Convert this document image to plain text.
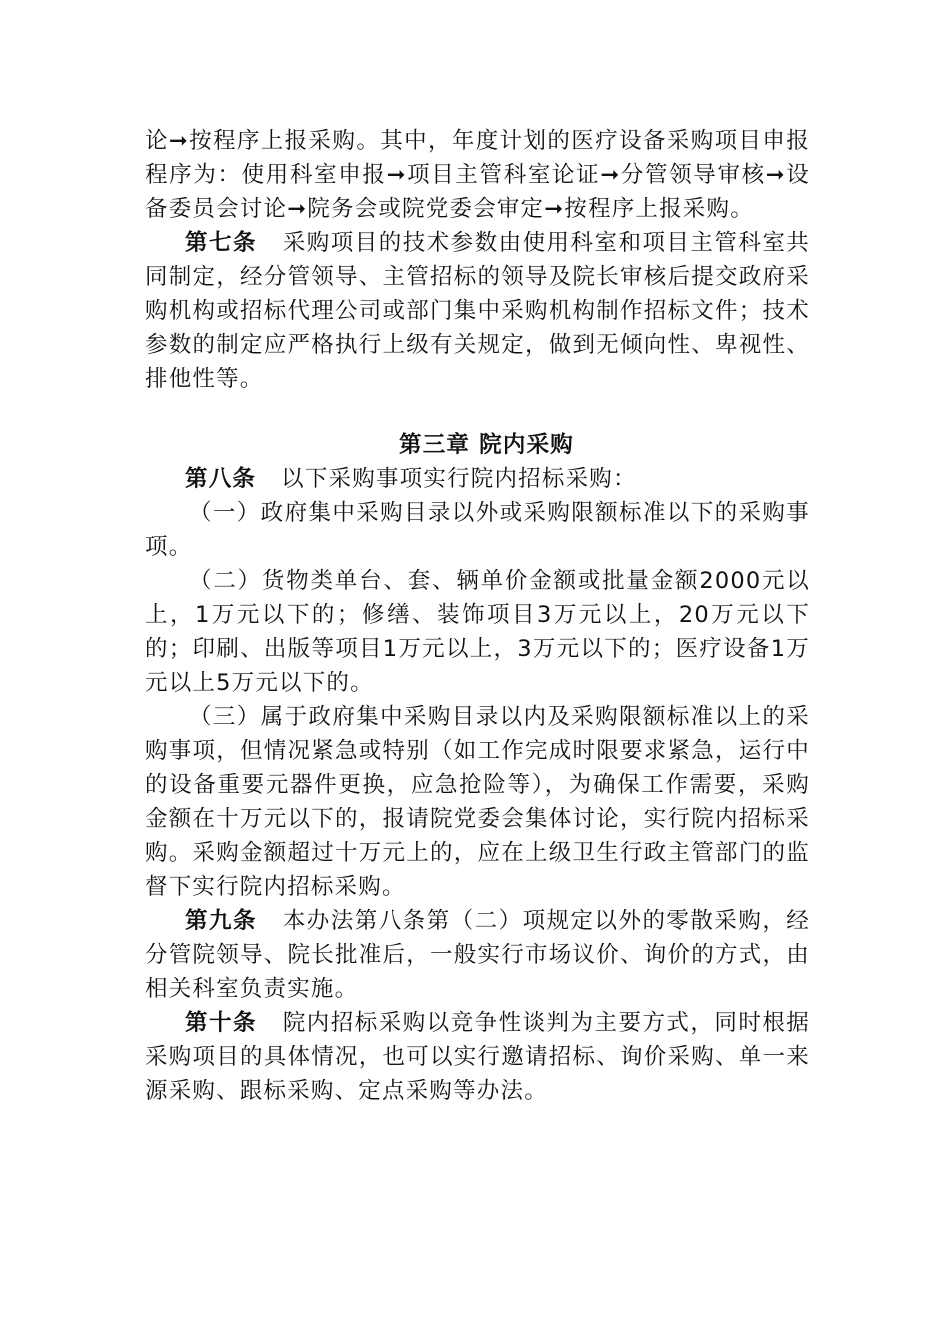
论➞按程序上报采购。其中，年度计划的医疗设备采购项目申报程序为：使用科室申报➞项目主管科室论证➞分管领导审核➞设备委员会讨论➞院务会或院党委会审定➞按程序上报采购。

第七条 采购项目的技术参数由使用科室和项目主管科室共同制定，经分管领导、主管招标的领导及院长审核后提交政府采购机构或招标代理公司或部门集中采购机构制作招标文件；技术参数的制定应严格执行上级有关规定，做到无倾向性、卑视性、排他性等。

第三章 院内采购

第八条 以下采购事项实行院内招标采购：

（一）政府集中采购目录以外或采购限额标准以下的采购事项。

（二）货物类单台、套、辆单价金额或批量金额2000元以上，1万元以下的；修缮、装饰项目3万元以上，20万元以下的；印刷、出版等项目1万元以上，3万元以下的；医疗设备1万元以上5万元以下的。

（三）属于政府集中采购目录以内及采购限额标准以上的采购事项，但情况紧急或特别（如工作完成时限要求紧急，运行中的设备重要元器件更换，应急抢险等），为确保工作需要，采购金额在十万元以下的，报请院党委会集体讨论，实行院内招标采购。采购金额超过十万元上的，应在上级卫生行政主管部门的监督下实行院内招标采购。

第九条 本办法第八条第（二）项规定以外的零散采购，经分管院领导、院长批准后，一般实行市场议价、询价的方式，由相关科室负责实施。

第十条 院内招标采购以竞争性谈判为主要方式，同时根据采购项目的具体情况，也可以实行邀请招标、询价采购、单一来源采购、跟标采购、定点采购等办法。
